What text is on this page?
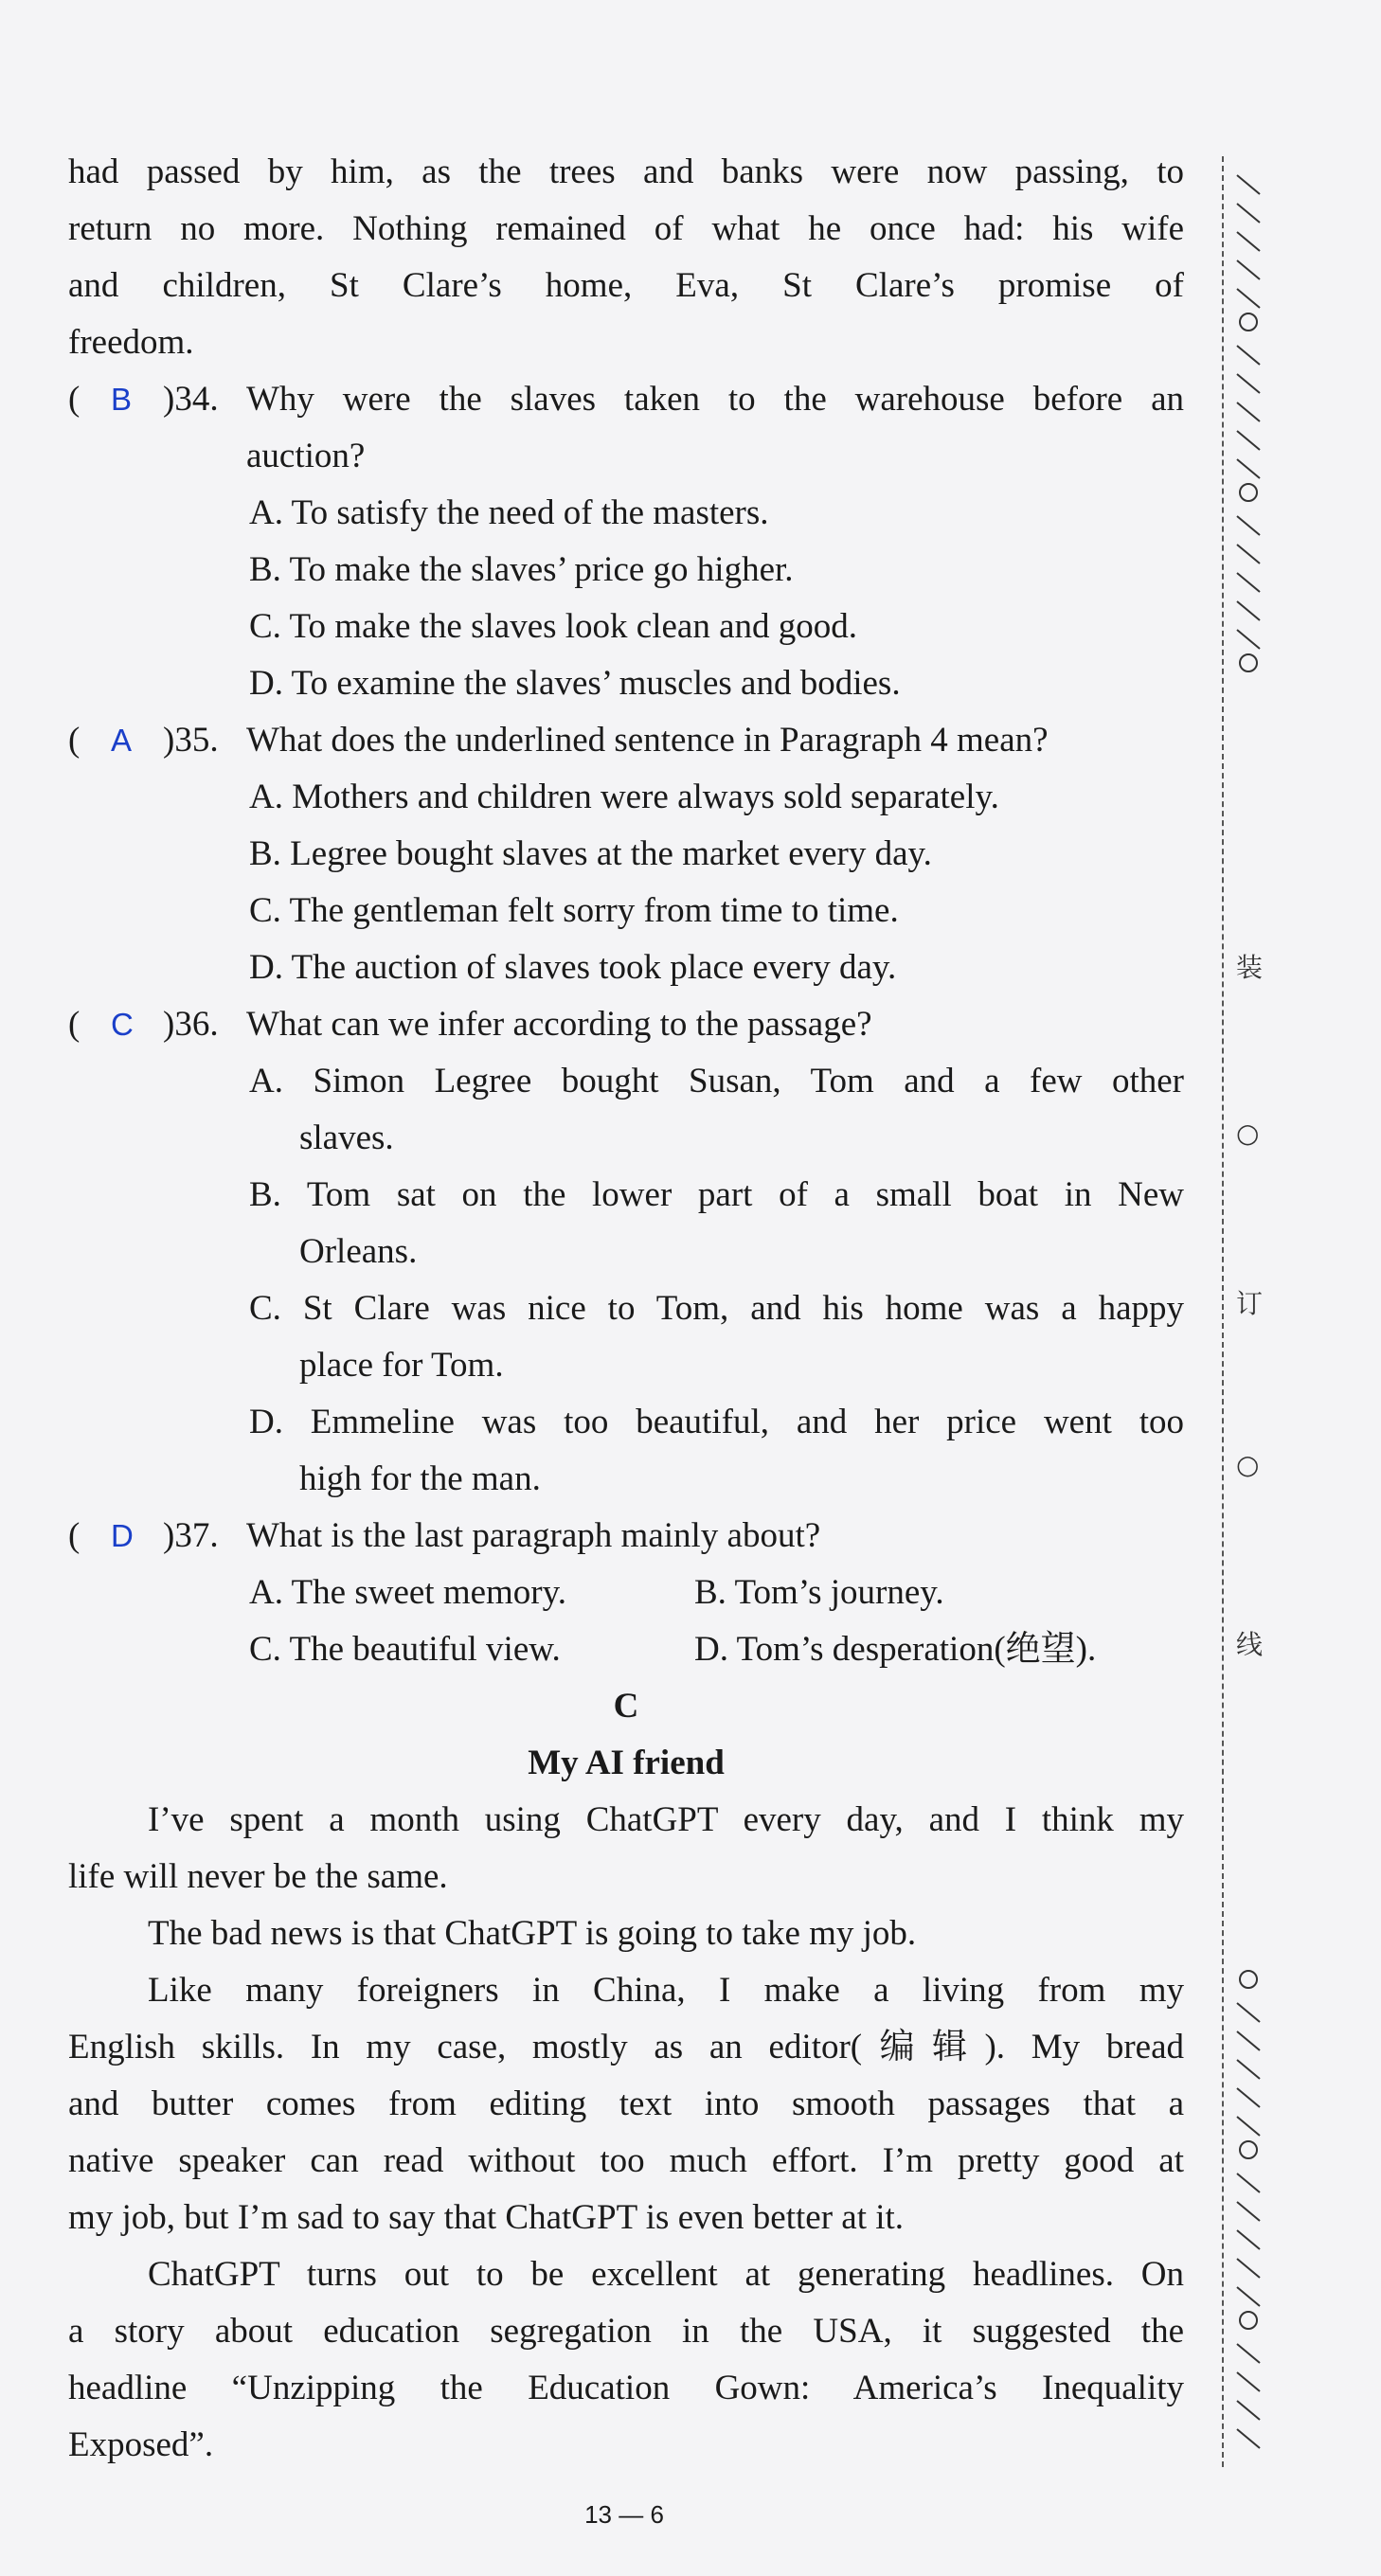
had passed by him, as the trees and banks were now passing, to
return no more. Nothing remained of what he once had: his wife
and children, St Clare’s home, Eva, St Clare’s promise of
freedom.
( B )34. Why were the slaves taken to the warehouse before an
auction?
A. To satisfy the need of the masters.
B. To make the slaves’ price go higher.
C. To make the slaves look clean and good.
D. To examine the slaves’ muscles and bodies.
( A )35. What does the underlined sentence in Paragraph 4 mean?
A. Mothers and children were always sold separately.
B. Legree bought slaves at the market every day.
C. The gentleman felt sorry from time to time.
D. The auction of slaves took place every day.
( C )36. What can we infer according to the passage?
A. Simon Legree bought Susan, Tom and a few other
slaves.
B. Tom sat on the lower part of a small boat in New
Orleans.
C. St Clare was nice to Tom, and his home was a happy
place for Tom.
D. Emmeline was too beautiful, and her price went too
high for the man.
( D )37. What is the last paragraph mainly about?
A. The sweet memory.	B. Tom’s journey.
C. The beautiful view.	D. Tom’s desperation(绝望).
C
My AI friend
I’ve spent a month using ChatGPT every day, and I think my
life will never be the same.
The bad news is that ChatGPT is going to take my job.
Like many foreigners in China, I make a living from my
English skills. In my case, mostly as an editor(编辑). My bread
and butter comes from editing text into smooth passages that a
native speaker can read without too much effort. I’m pretty good at
my job, but I’m sad to say that ChatGPT is even better at it.
ChatGPT turns out to be excellent at generating headlines. On
a story about education segregation in the USA, it suggested the
headline “Unzipping the Education Gown: America’s Inequality
Exposed”.
装
○
订
○
线
13 — 6
